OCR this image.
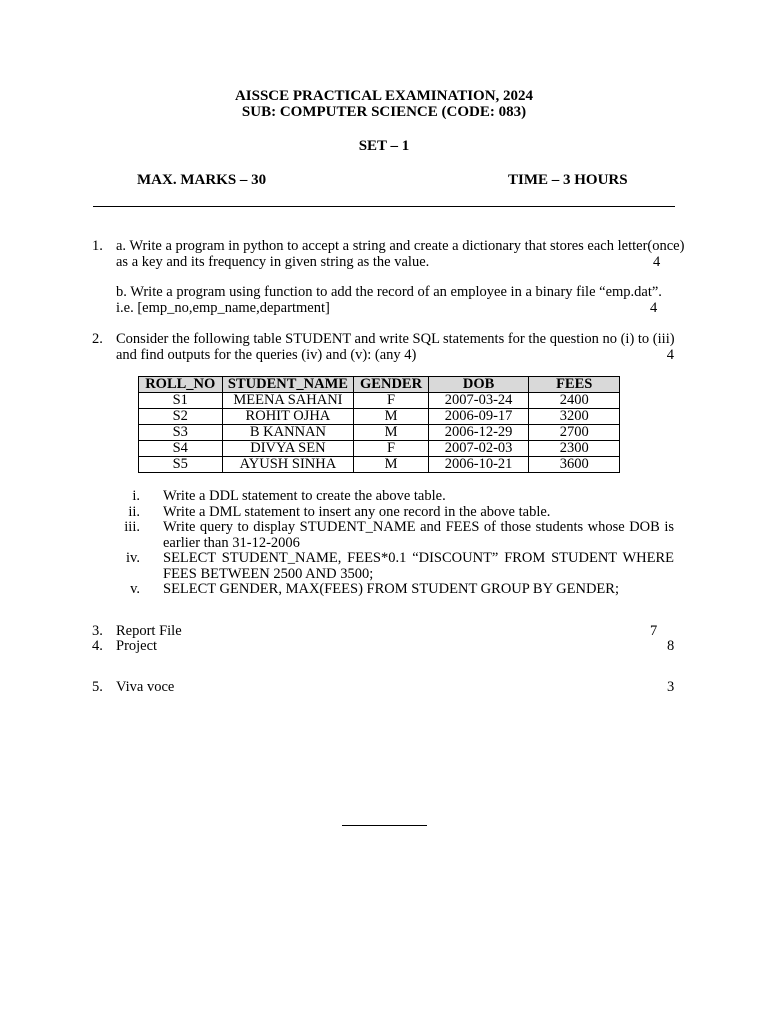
AISSCE PRACTICAL EXAMINATION, 2024
SUB: COMPUTER SCIENCE (CODE: 083)
SET – 1
MAX. MARKS – 30	TIME – 3 HOURS
1. a. Write a program in python to accept a string and create a dictionary that stores each letter(once)
as a key and its frequency in given string as the value.	4
b. Write a program using function to add the record of an employee in a binary file “emp.dat”.
i.e. [emp_no,emp_name,department]	4
2. Consider the following table STUDENT and write SQL statements for the question no (i) to (iii)
and find outputs for the queries (iv) and (v): (any 4)	4
ROLL_NO	STUDENT_NAME	GENDER	DOB	FEES
S1	MEENA SAHANI	F	2007-03-24	2400
S2	ROHIT OJHA	M	2006-09-17	3200
S3	B KANNAN	M	2006-12-29	2700
S4	DIVYA SEN	F	2007-02-03	2300
S5	AYUSH SINHA	M	2006-10-21	3600
i. Write a DDL statement to create the above table.
ii. Write a DML statement to insert any one record in the above table.
iii. Write query to display STUDENT_NAME and FEES of those students whose DOB is
earlier than 31-12-2006
iv. SELECT STUDENT_NAME, FEES*0.1 “DISCOUNT” FROM STUDENT WHERE
FEES BETWEEN 2500 AND 3500;
v. SELECT GENDER, MAX(FEES) FROM STUDENT GROUP BY GENDER;
3. Report File	7
4. Project	8
5. Viva voce	3
